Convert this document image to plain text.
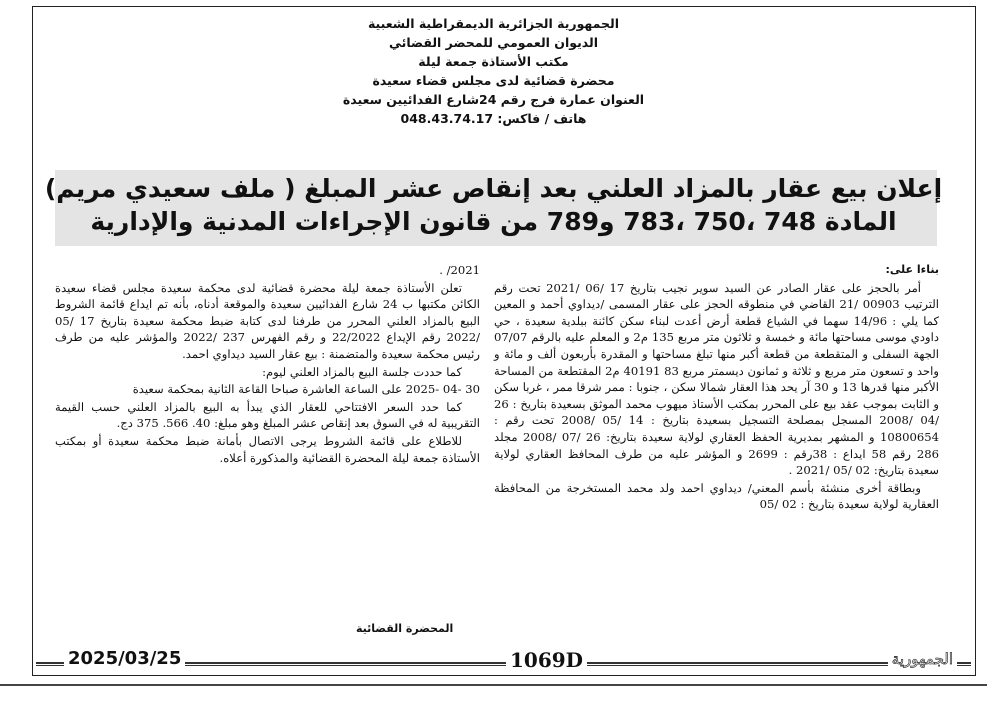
الجمهورية الجزائرية الديمقراطية الشعبية
الديوان العمومي للمحضر القضائي
مكتب الأستاذة جمعة ليلة
محضرة قضائية لدى مجلس قضاء سعيدة
العنوان عمارة فرج رقم 24شارع الفدائيين سعيدة
هاتف / فاكس: 048.43.74.17
إعلان بيع عقار بالمزاد العلني بعد إنقاص عشر المبلغ ( ملف سعيدي مريم)
المادة 748 ،750 ،783 و789 من قانون الإجراءات المدنية والإدارية

بناءا على:

أمر بالحجز على عقار الصادر عن السيد سوير نجيب بتاريخ 17 /06 /2021 تحت رقم الترتيب 00903 /21 القاضي في منطوقه الحجز على عقار المسمى /ديداوي أحمد و المعين كما يلي : 14/96 سهما في الشياع قطعة أرض أعدت لبناء سكن كائنة ببلدية سعيدة ، حي داودي موسى مساحتها مائة و خمسة و ثلاثون متر مربع 135 م2 و المعلم عليه بالرقم 07/07 الجهة السفلى و المتقطعة من قطعة أكبر منها تبلغ مساحتها و المقدرة بأربعون ألف و مائة و واحد و تسعون متر مربع و ثلاثة و ثمانون ديسمتر مربع 83 40191 م2 المقتطعة من المساحة الأكبر منها قدرها 13 و 30 آر يحد هذا العقار شمالا سكن ، جنوبا : ممر شرقا ممر ، غربا سكن و الثابت بموجب عقد بيع على المحرر بمكتب الأستاذ ميهوب محمد الموثق بسعيدة بتاريخ : 26 /04 /2008 المسجل بمصلحة التسجيل بسعيدة بتاريخ : 14 /05 /2008 تحت رقم : 10800654 و المشهر بمديرية الحفظ العقاري لولاية سعيدة بتاريخ: 26 /07 /2008 مجلد 286 رقم 58 ايداع : 38رقم : 2699 و المؤشر عليه من طرف المحافظ العقاري لولاية سعيدة بتاريخ: 02 /05 /2021 .

وبطاقة أخرى منشئة بأسم المعني/ ديداوي احمد ولد محمد المستخرجة من المحافظة العقارية لولاية سعيدة بتاريخ : 02 /05

2021/ .

تعلن الأستاذة جمعة ليلة محضرة قضائية لدى محكمة سعيدة مجلس قضاء سعيدة الكائن مكتبها ب 24 شارع الفدائيين سعيدة والموقعة أدناه، بأنه تم ايداع قائمة الشروط البيع بالمزاد العلني المحرر من طرفنا لدى كتابة ضبط محكمة سعيدة بتاريخ 17 /05 /2022 رقم الإيداع 22/2022 و رقم الفهرس 237 /2022 والمؤشر عليه من طرف رئيس محكمة سعيدة والمتضمنة : بيع عقار السيد ديداوي احمد.

كما حددت جلسة البيع بالمزاد العلني ليوم:

30 -04 -2025 على الساعة العاشرة صباحا القاعة الثانية بمحكمة سعيدة

كما حدد السعر الافتتاحي للعقار الذي يبدأ به البيع بالمزاد العلني حسب القيمة التقريبية له في السوق بعد إنقاص عشر المبلغ وهو مبلغ: 40. 566. 375 دج.

للاطلاع على قائمة الشروط يرجى الاتصال بأمانة ضبط محكمة سعيدة أو بمكتب الأستاذة جمعة ليلة المحضرة القضائية والمذكورة أعلاه.

المحضرة القضائية
2025/03/25	1069D	الجمهورية
